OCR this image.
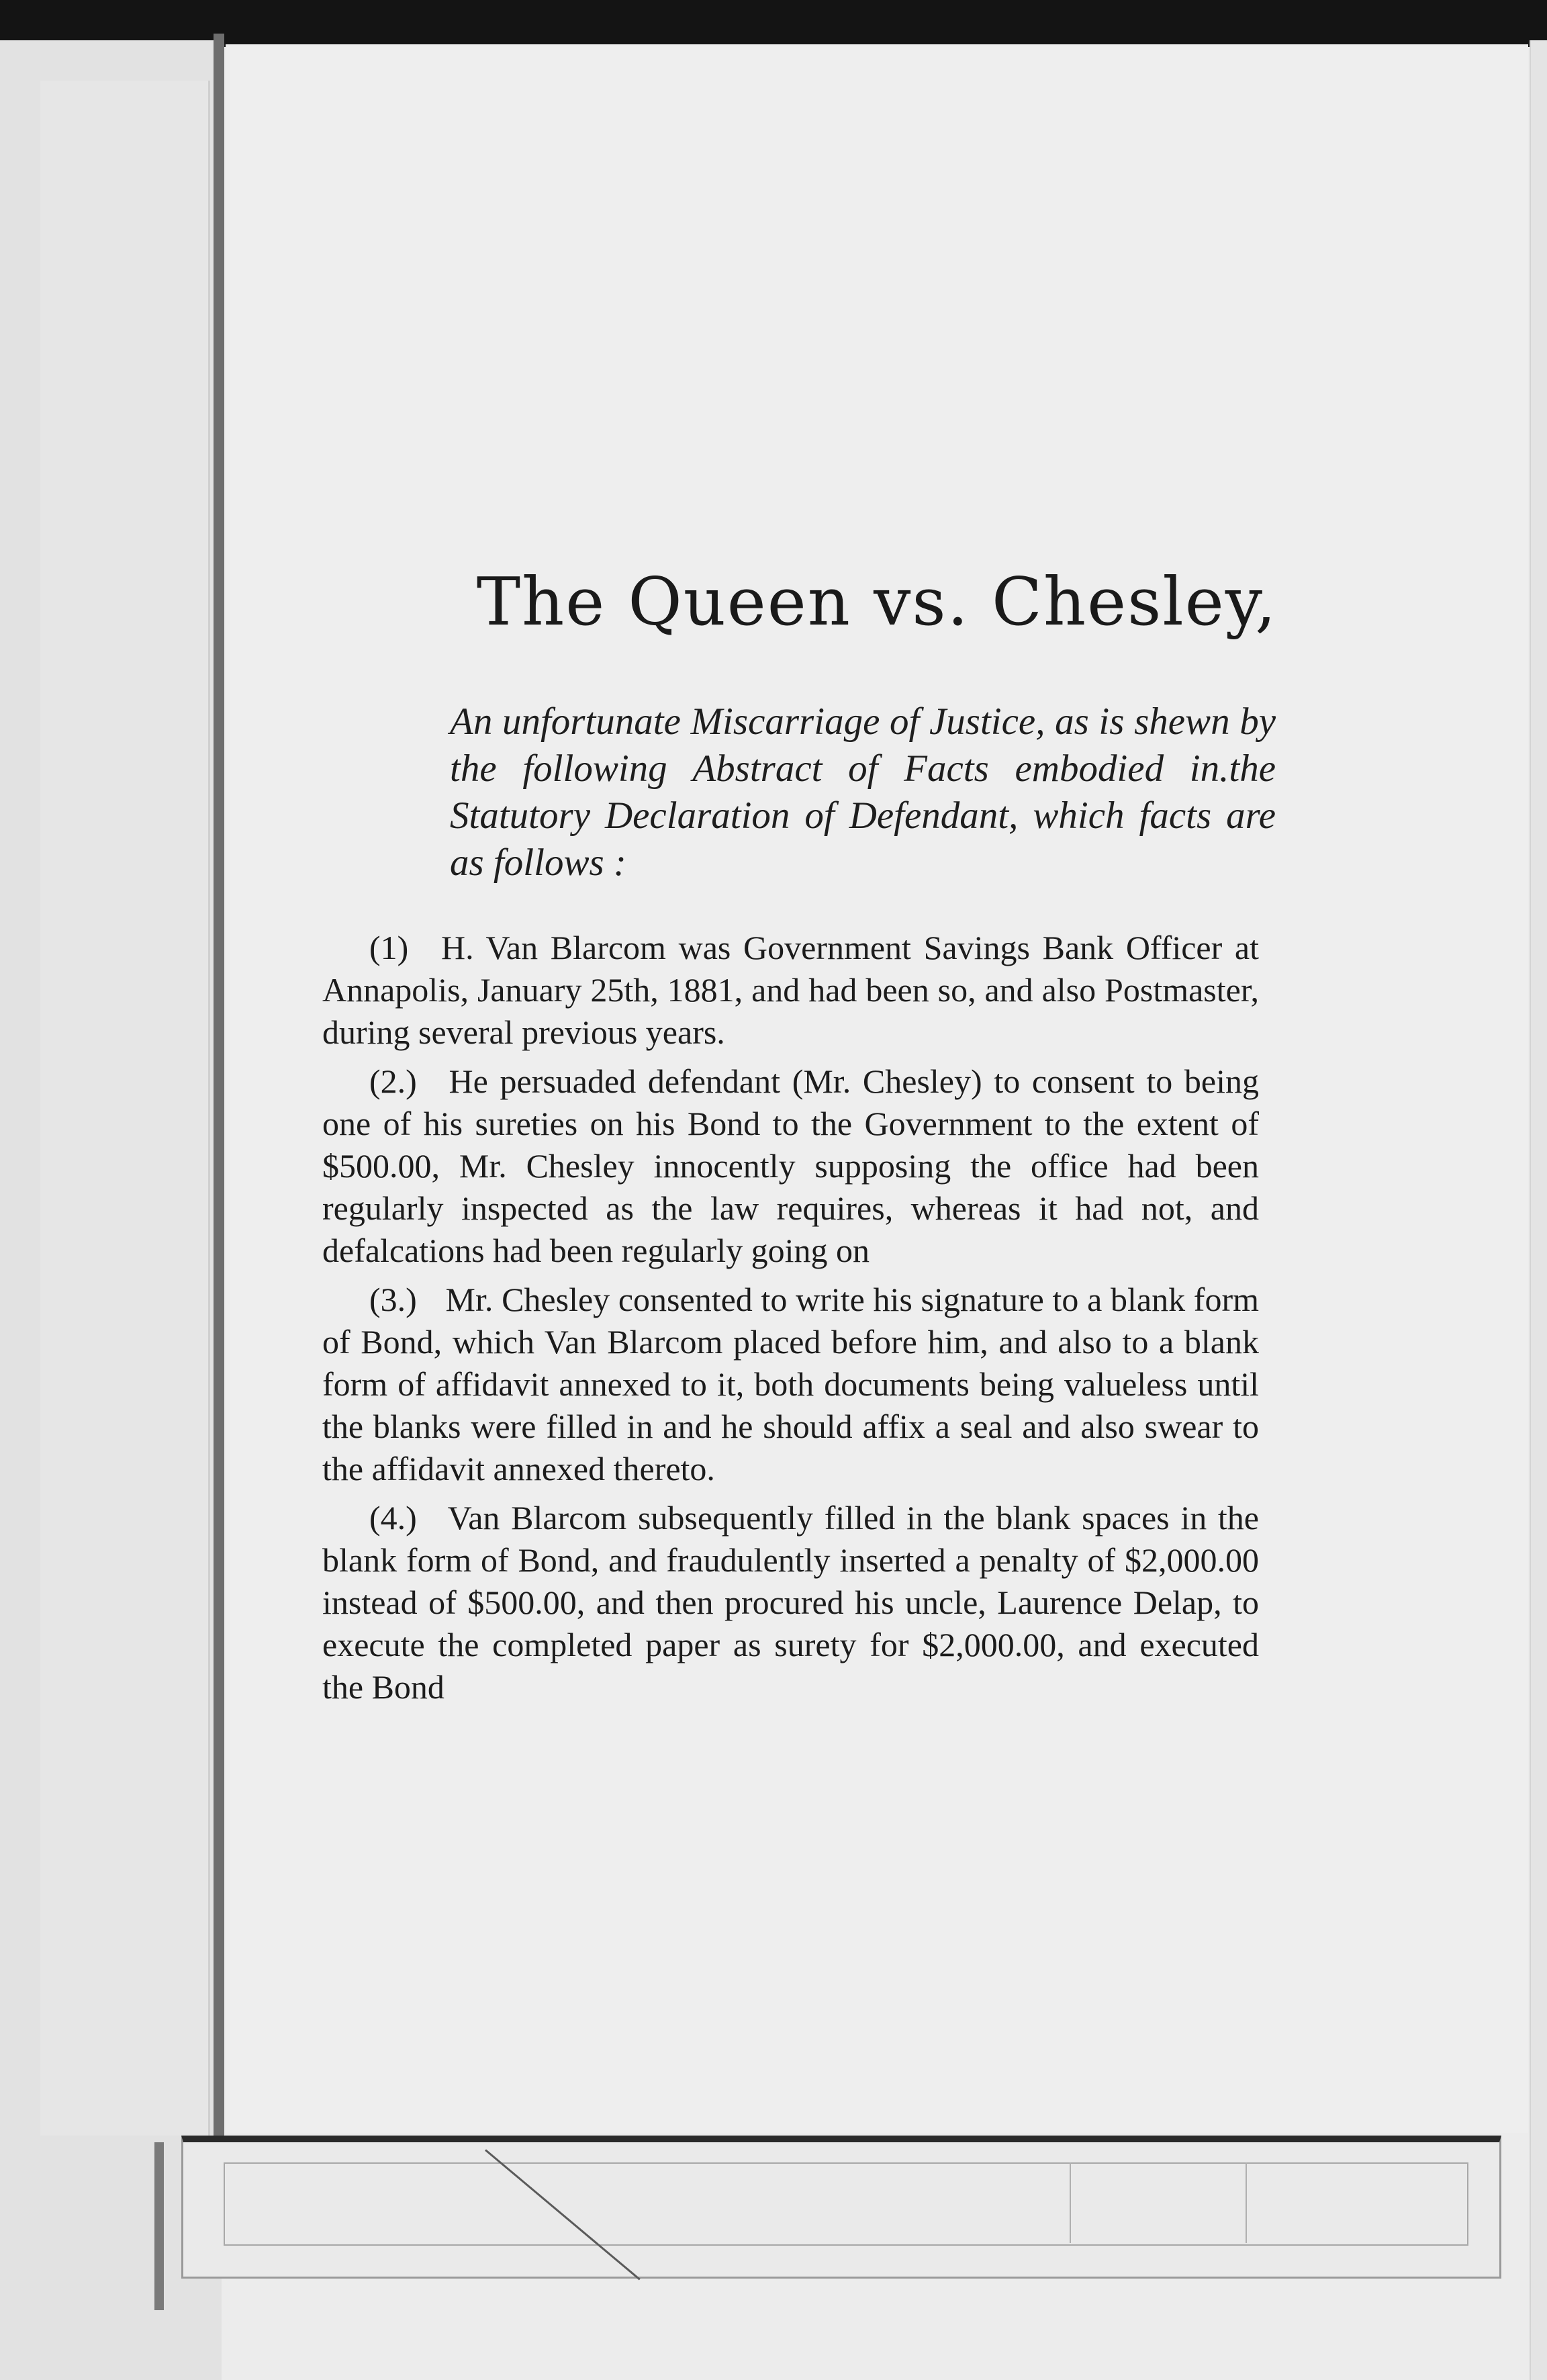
The Queen vs. Chesley,
An unfortunate Miscarriage of Justice, as is shewn by the following Abstract of Facts embodied in.the Statutory Declaration of Defendant, which facts are as follows :

(1) H. Van Blarcom was Government Savings Bank Officer at Annapolis, January 25th, 1881, and had been so, and also Postmaster, during several previous years.

(2.) He persuaded defendant (Mr. Chesley) to consent to being one of his sureties on his Bond to the Government to the extent of $500.00, Mr. Chesley innocently supposing the office had been regularly inspected as the law requires, whereas it had not, and defalcations had been regularly going on

(3.) Mr. Chesley consented to write his signature to a blank form of Bond, which Van Blarcom placed before him, and also to a blank form of affidavit annexed to it, both documents being valueless until the blanks were filled in and he should affix a seal and also swear to the affidavit annexed thereto.

(4.) Van Blarcom subsequently filled in the blank spaces in the blank form of Bond, and fraudulently inserted a penalty of $2,000.00 instead of $500.00, and then procured his uncle, Laurence Delap, to execute the completed paper as surety for $2,000.00, and executed the Bond
